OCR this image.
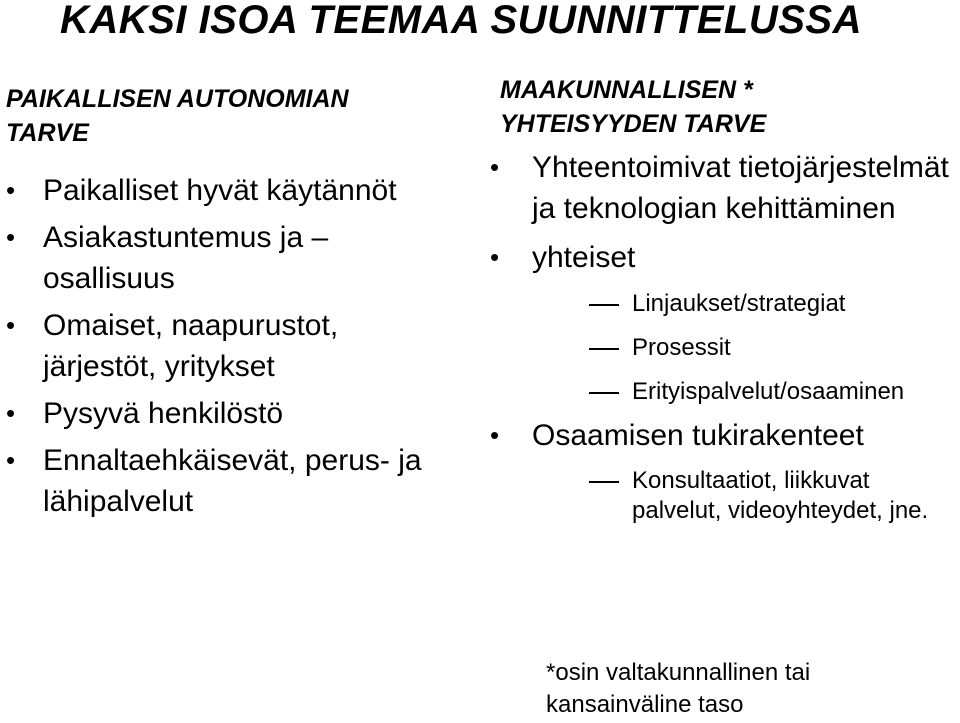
KAKSI ISOA TEEMAA SUUNNITTELUSSA

PAIKALLISEN AUTONOMIAN TARVE

• Paikalliset hyvät käytännöt
• Asiakastuntemus ja – osallisuus
• Omaiset, naapurustot, järjestöt, yritykset
• Pysyvä henkilöstö
• Ennaltaehkäisevät, perus- ja lähipalvelut

MAAKUNNALLISEN * YHTEISYYDEN TARVE

• Yhteentoimivat tietojärjestelmät ja teknologian kehittäminen
• yhteiset
Linjaukset/strategiat
Prosessit
Erityispalvelut/osaaminen
• Osaamisen tukirakenteet
Konsultaatiot, liikkuvat palvelut, videoyhteydet, jne.
*osin valtakunnallinen tai kansainväline taso
